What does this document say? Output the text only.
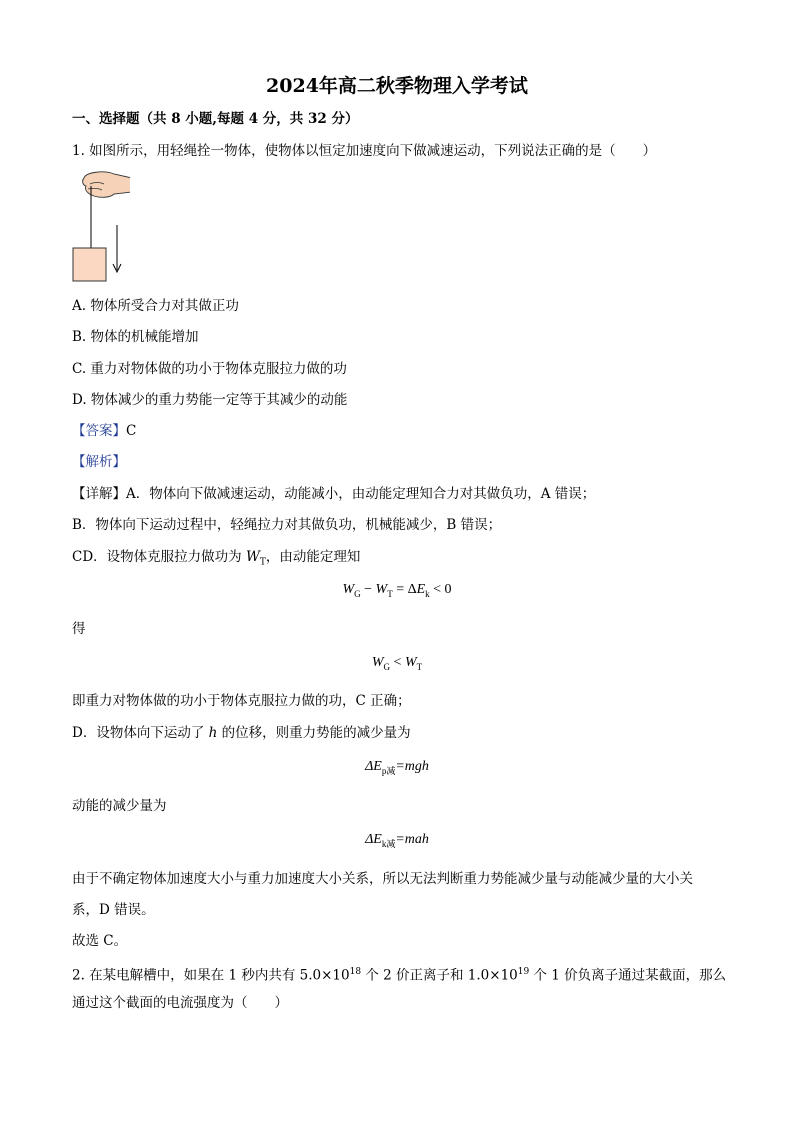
2024年高二秋季物理入学考试
一、选择题（共 8 小题,每题 4 分，共 32 分）
1. 如图所示，用轻绳拴一物体，使物体以恒定加速度向下做减速运动，下列说法正确的是（　　）
A. 物体所受合力对其做正功
B. 物体的机械能增加
C. 重力对物体做的功小于物体克服拉力做的功
D. 物体减少的重力势能一定等于其减少的动能
【答案】C
【解析】
【详解】A．物体向下做减速运动，动能减小，由动能定理知合力对其做负功，A 错误；
B．物体向下运动过程中，轻绳拉力对其做负功，机械能减少，B 错误；
CD．设物体克服拉力做功为 $W_T$，由动能定理知
$W_G - W_T = \Delta E_k < 0$
得
$W_G < W_T$
即重力对物体做的功小于物体克服拉力做的功，C 正确；
D．设物体向下运动了 h 的位移，则重力势能的减少量为
$\Delta E_{p减}=mgh$
动能的减少量为
$\Delta E_{k减}=mah$
由于不确定物体加速度大小与重力加速度大小关系，所以无法判断重力势能减少量与动能减少量的大小关
系，D 错误。
故选 C。
2. 在某电解槽中，如果在 1 秒内共有 $5.0\times 10^{18}$ 个 2 价正离子和 $1.0\times 10^{19}$ 个 1 价负离子通过某截面，那么
通过这个截面的电流强度为（　　）
